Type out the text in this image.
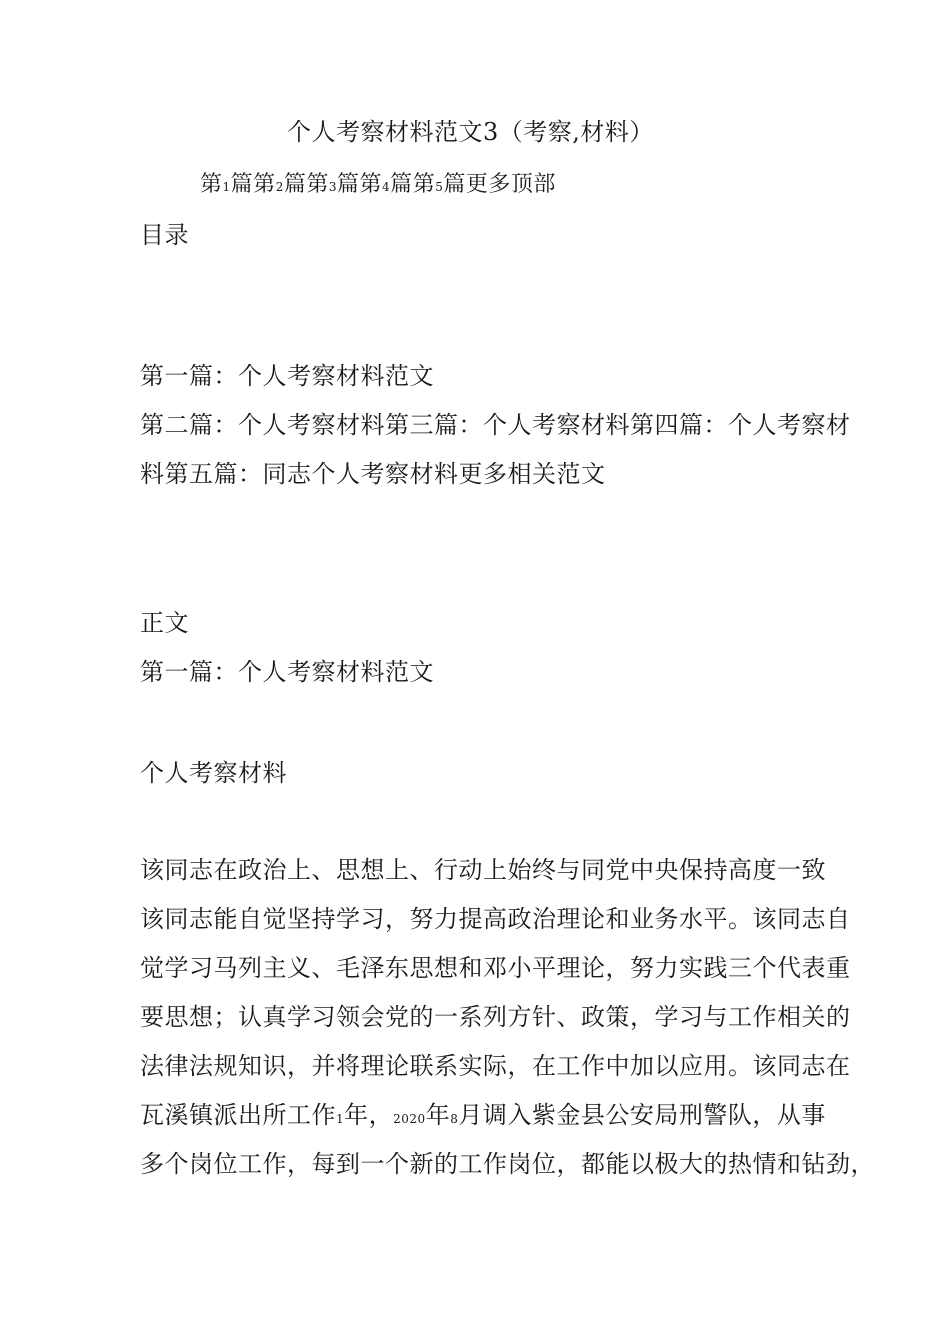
个人考察材料范文3（考察,材料）
第1篇第2篇第3篇第4篇第5篇更多顶部
目录
第一篇：个人考察材料范文
第二篇：个人考察材料第三篇：个人考察材料第四篇：个人考察材
料第五篇：同志个人考察材料更多相关范文
正文
第一篇：个人考察材料范文
个人考察材料
该同志在政治上、思想上、行动上始终与同党中央保持高度一致
该同志能自觉坚持学习，努力提高政治理论和业务水平。该同志自
觉学习马列主义、毛泽东思想和邓小平理论，努力实践三个代表重
要思想；认真学习领会党的一系列方针、政策，学习与工作相关的
法律法规知识，并将理论联系实际，在工作中加以应用。该同志在
瓦溪镇派出所工作1年，2020年8月调入紫金县公安局刑警队，从事
多个岗位工作，每到一个新的工作岗位，都能以极大的热情和钻劲，
